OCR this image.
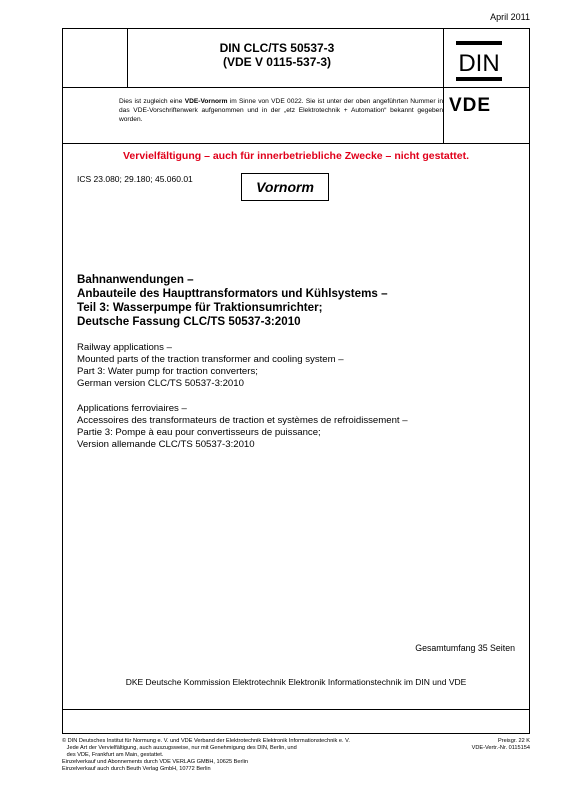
April 2011
DIN CLC/TS 50537-3
(VDE V 0115-537-3)	DIN
Dies ist zugleich eine VDE-Vornorm im Sinne von VDE 0022. Sie ist unter der oben angeführten Nummer in das VDE-Vorschriftenwerk aufgenommen und in der „etz Elektrotechnik + Automation“ bekannt gegeben worden.
VDE
Vervielfältigung – auch für innerbetriebliche Zwecke – nicht gestattet.
ICS 23.080; 29.180; 45.060.01	Vornorm
Bahnanwendungen –
Anbauteile des Haupttransformators und Kühlsystems –
Teil 3: Wasserpumpe für Traktionsumrichter;
Deutsche Fassung CLC/TS 50537-3:2010
Railway applications –
Mounted parts of the traction transformer and cooling system –
Part 3: Water pump for traction converters;
German version CLC/TS 50537-3:2010
Applications ferroviaires –
Accessoires des transformateurs de traction et systèmes de refroidissement –
Partie 3: Pompe à eau pour convertisseurs de puissance;
Version allemande CLC/TS 50537-3:2010
Gesamtumfang 35 Seiten
DKE Deutsche Kommission Elektrotechnik Elektronik Informationstechnik im DIN und VDE
© DIN Deutsches Institut für Normung e. V. und VDE Verband der Elektrotechnik Elektronik Informationstechnik e. V.
Jede Art der Vervielfältigung, auch auszugsweise, nur mit Genehmigung des DIN, Berlin, und
des VDE, Frankfurt am Main, gestattet.
Einzelverkauf und Abonnements durch VDE VERLAG GMBH, 10625 Berlin
Einzelverkauf auch durch Beuth Verlag GmbH, 10772 Berlin
Preisgr. 22 K
VDE-Vertr.-Nr. 0115154
